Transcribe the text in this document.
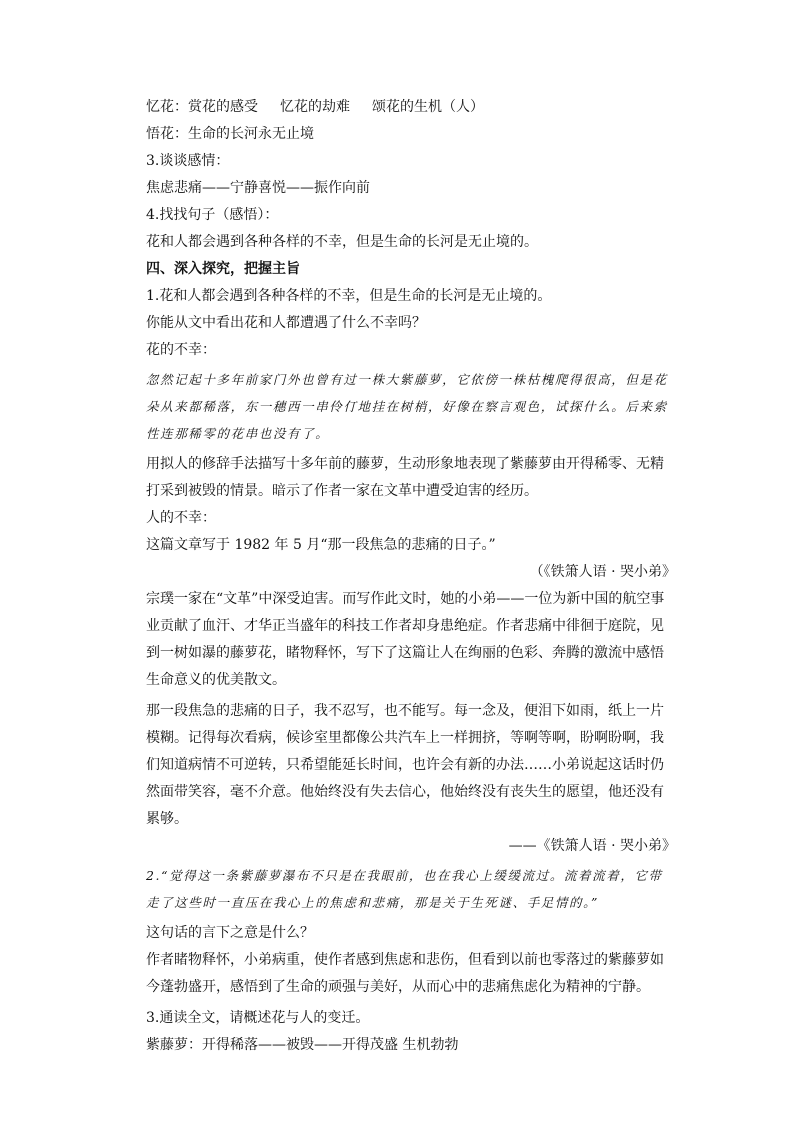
忆花：赏花的感受 忆花的劫难 颂花的生机（人）

悟花：生命的长河永无止境

3.谈谈感情：

焦虑悲痛——宁静喜悦——振作向前

4.找找句子（感悟）：

花和人都会遇到各种各样的不幸，但是生命的长河是无止境的。

四、深入探究，把握主旨

1.花和人都会遇到各种各样的不幸，但是生命的长河是无止境的。

你能从文中看出花和人都遭遇了什么不幸吗？

花的不幸：

忽然记起十多年前家门外也曾有过一株大紫藤萝，它依傍一株枯槐爬得很高，但是花朵从来都稀落，东一穗西一串伶仃地挂在树梢，好像在察言观色，试探什么。后来索性连那稀零的花串也没有了。

用拟人的修辞手法描写十多年前的藤萝，生动形象地表现了紫藤萝由开得稀零、无精打采到被毁的情景。暗示了作者一家在文革中遭受迫害的经历。

人的不幸：

这篇文章写于 1982 年 5 月“那一段焦急的悲痛的日子。”

（《铁箫人语 · 哭小弟》

宗璞一家在“文革”中深受迫害。而写作此文时，她的小弟——一位为新中国的航空事业贡献了血汗、才华正当盛年的科技工作者却身患绝症。作者悲痛中徘徊于庭院，见到一树如瀑的藤萝花，睹物释怀，写下了这篇让人在绚丽的色彩、奔腾的激流中感悟生命意义的优美散文。

那一段焦急的悲痛的日子，我不忍写，也不能写。每一念及，便泪下如雨，纸上一片模糊。记得每次看病，候诊室里都像公共汽车上一样拥挤，等啊等啊，盼啊盼啊，我们知道病情不可逆转，只希望能延长时间，也许会有新的办法……小弟说起这话时仍然面带笑容，毫不介意。他始终没有失去信心，他始终没有丧失生的愿望，他还没有累够。

——《铁箫人语 · 哭小弟》

2.“觉得这一条紫藤萝瀑布不只是在我眼前，也在我心上缓缓流过。流着流着，它带走了这些时一直压在我心上的焦虑和悲痛，那是关于生死谜、手足情的。”

这句话的言下之意是什么？

作者睹物释怀，小弟病重，使作者感到焦虑和悲伤，但看到以前也零落过的紫藤萝如今蓬勃盛开，感悟到了生命的顽强与美好，从而心中的悲痛焦虑化为精神的宁静。

3.通读全文，请概述花与人的变迁。

紫藤萝：开得稀落——被毁——开得茂盛 生机勃勃
